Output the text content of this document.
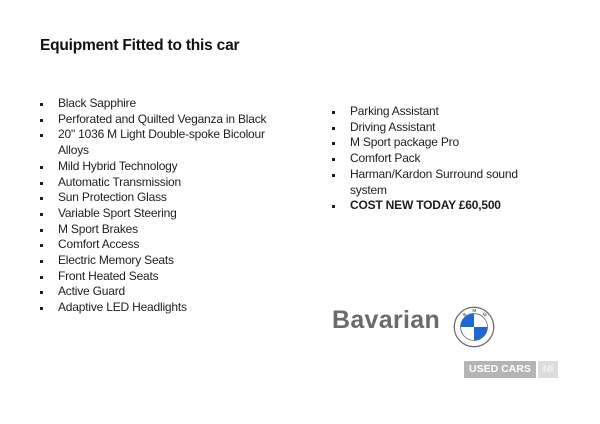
Equipment Fitted to this car
Black Sapphire
Perforated and Quilted Veganza in Black
20" 1036 M Light Double-spoke Bicolour Alloys
Mild Hybrid Technology
Automatic Transmission
Sun Protection Glass
Variable Sport Steering
M Sport Brakes
Comfort Access
Electric Memory Seats
Front Heated Seats
Active Guard
Adaptive LED Headlights
Parking Assistant
Driving Assistant
M Sport package Pro
Comfort Pack
Harman/Kardon Surround sound system
COST NEW TODAY £60,500
Bavarian B
M
W
USED CARS	NI
